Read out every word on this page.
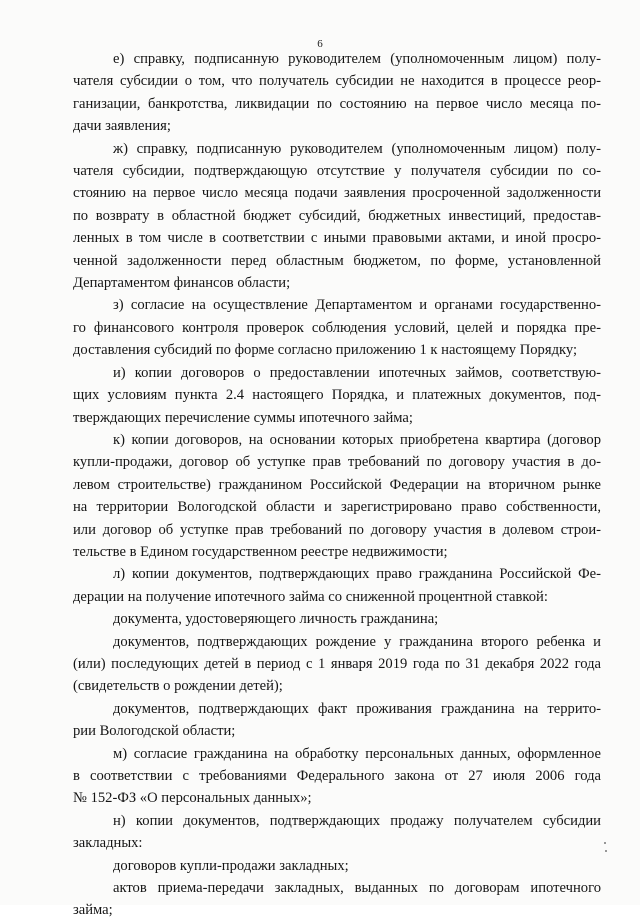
6
е) справку, подписанную руководителем (уполномоченным лицом) полу-
чателя субсидии о том, что получатель субсидии не находится в процессе реор-
ганизации, банкротства, ликвидации по состоянию на первое число месяца по-
дачи заявления;
ж) справку, подписанную руководителем (уполномоченным лицом) полу-
чателя субсидии, подтверждающую отсутствие у получателя субсидии по со-
стоянию на первое число месяца подачи заявления просроченной задолженности
по возврату в областной бюджет субсидий, бюджетных инвестиций, предостав-
ленных в том числе в соответствии с иными правовыми актами, и иной просро-
ченной задолженности перед областным бюджетом, по форме, установленной
Департаментом финансов области;
з) согласие на осуществление Департаментом и органами государственно-
го финансового контроля проверок соблюдения условий, целей и порядка пре-
доставления субсидий по форме согласно приложению 1 к настоящему Порядку;
и) копии договоров о предоставлении ипотечных займов, соответствую-
щих условиям пункта 2.4 настоящего Порядка, и платежных документов, под-
тверждающих перечисление суммы ипотечного займа;
к) копии договоров, на основании которых приобретена квартира (договор
купли-продажи, договор об уступке прав требований по договору участия в до-
левом строительстве) гражданином Российской Федерации на вторичном рынке
на территории Вологодской области и зарегистрировано право собственности,
или договор об уступке прав требований по договору участия в долевом строи-
тельстве в Едином государственном реестре недвижимости;
л) копии документов, подтверждающих право гражданина Российской Фе-
дерации на получение ипотечного займа со сниженной процентной ставкой:
документа, удостоверяющего личность гражданина;
документов, подтверждающих рождение у гражданина второго ребенка и
(или) последующих детей в период с 1 января 2019 года по 31 декабря 2022 года
(свидетельств о рождении детей);
документов, подтверждающих факт проживания гражданина на террито-
рии Вологодской области;
м) согласие гражданина на обработку персональных данных, оформленное
в соответствии с требованиями Федерального закона от 27 июля 2006 года
№ 152-ФЗ «О персональных данных»;
н) копии документов, подтверждающих продажу получателем субсидии
закладных:
договоров купли-продажи закладных;
актов приема-передачи закладных, выданных по договорам ипотечного
займа;
